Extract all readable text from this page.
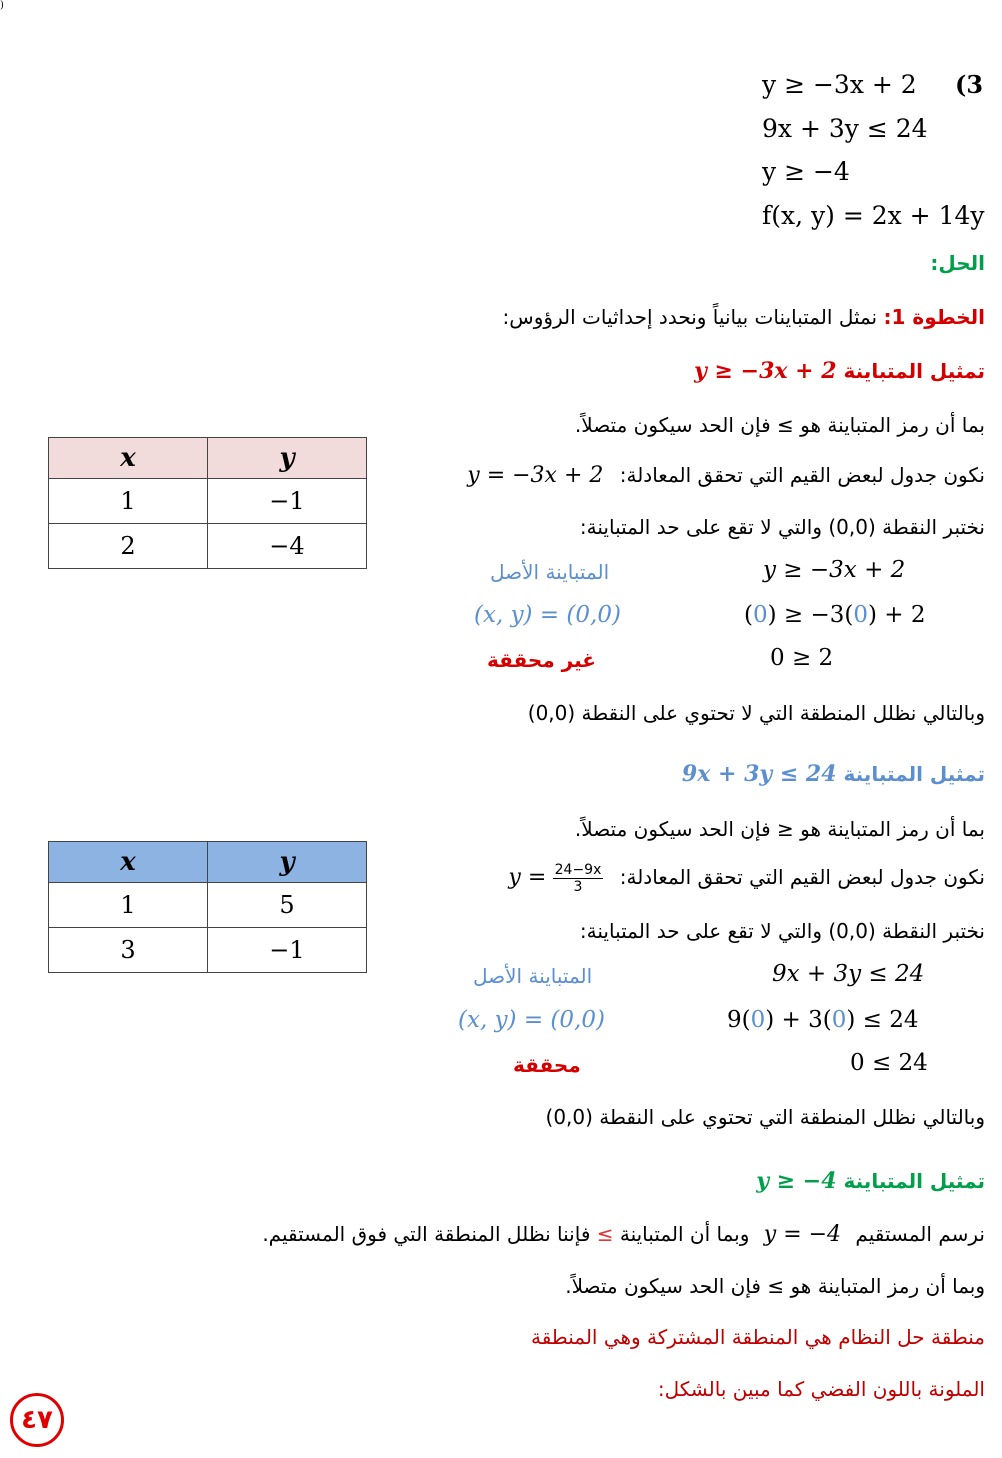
)
(3
y ≥ −3x + 2
9x + 3y ≤ 24
y ≥ −4
f(x, y) = 2x + 14y
الحل:
الخطوة 1: نمثل المتباينات بيانياً ونحدد إحداثيات الرؤوس:
تمثيل المتباينة y ≥ −3x + 2
بما أن رمز المتباينة هو ≥ فإن الحد سيكون متصلاً.
نكون جدول لبعض القيم التي تحقق المعادلة: y = −3x + 2
نختبر النقطة (0,0) والتي لا تقع على حد المتباينة:
المتباينة الأصل	y ≥ −3x + 2
(x, y) = (0,0)	(0) ≥ −3(0) + 2
غير محققة	0 ≥ 2
وبالتالي نظلل المنطقة التي لا تحتوي على النقطة (0,0)
x	y
1	−1
2	−4
تمثيل المتباينة 9x + 3y ≤ 24
بما أن رمز المتباينة هو ≤ فإن الحد سيكون متصلاً.
نكون جدول لبعض القيم التي تحقق المعادلة: $y = \frac{24-9x}{3}$
نختبر النقطة (0,0) والتي لا تقع على حد المتباينة:
المتباينة الأصل	9x + 3y ≤ 24
(x, y) = (0,0)	9(0) + 3(0) ≤ 24
محققة	0 ≤ 24
وبالتالي نظلل المنطقة التي تحتوي على النقطة (0,0)
x	y
1	5
3	−1
تمثيل المتباينة y ≥ −4
نرسم المستقيم y = −4 وبما أن المتباينة ≥ فإننا نظلل المنطقة التي فوق المستقيم.
وبما أن رمز المتباينة هو ≥ فإن الحد سيكون متصلاً.
منطقة حل النظام هي المنطقة المشتركة وهي المنطقة
الملونة باللون الفضي كما مبين بالشكل:
٤٧
